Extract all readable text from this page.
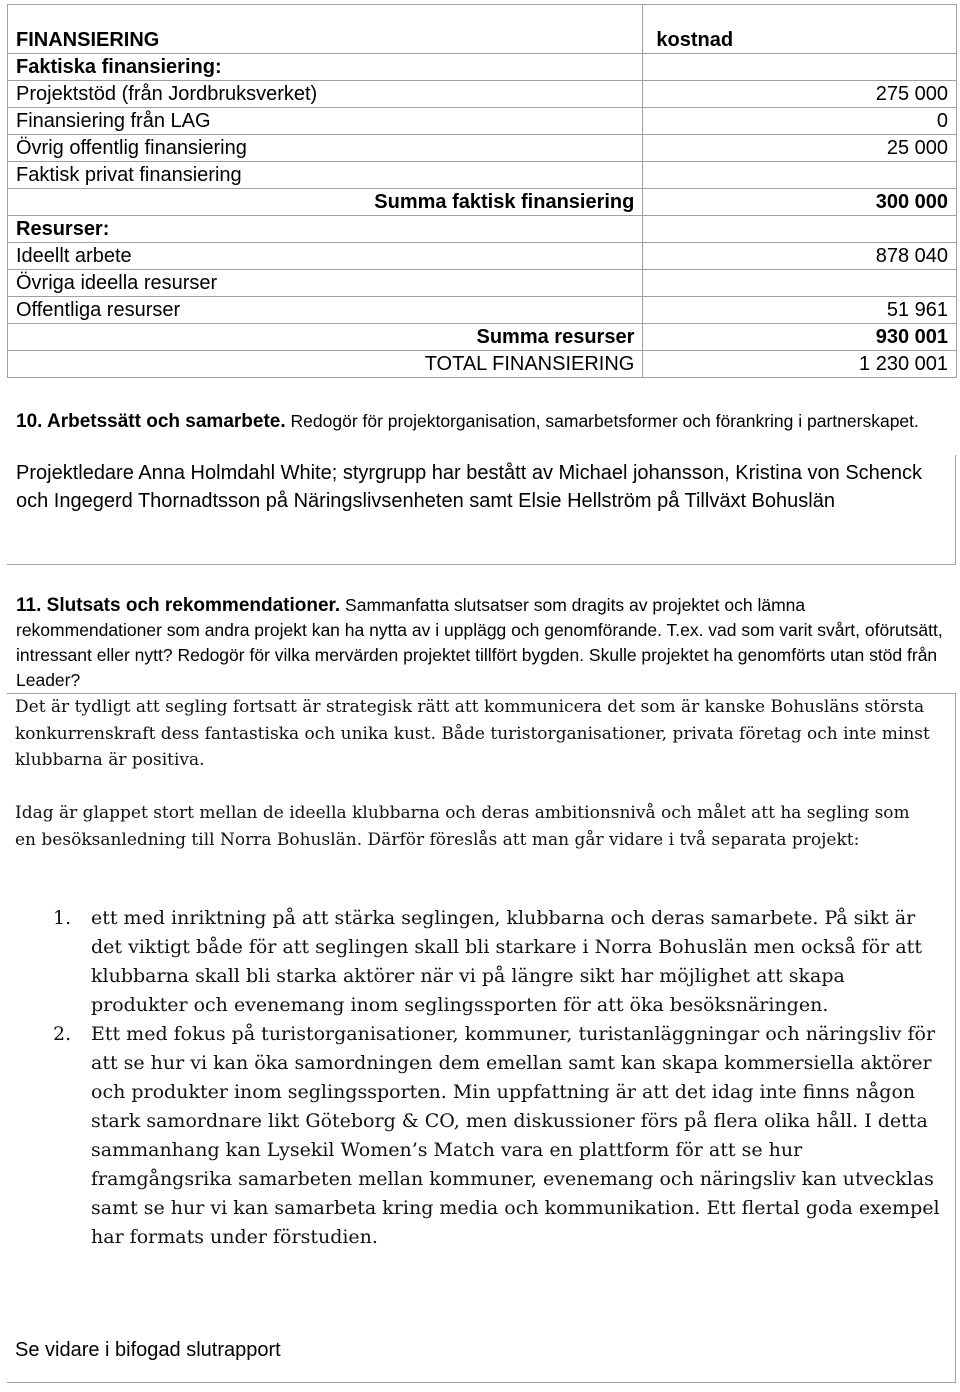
FINANSIERING	kostnad
Faktiska finansiering:	
Projektstöd (från Jordbruksverket)	275 000
Finansiering från LAG	0
Övrig offentlig finansiering	25 000
Faktisk privat finansiering	
Summa faktisk finansiering	300 000
Resurser:	
Ideellt arbete	878 040
Övriga ideella resurser	
Offentliga resurser	51 961
Summa resurser	930 001
TOTAL FINANSIERING	1 230 001
10. Arbetssätt och samarbete. Redogör för projektorganisation, samarbetsformer och förankring i partnerskapet.
Projektledare Anna Holmdahl White; styrgrupp har bestått av Michael johansson, Kristina von Schenck och Ingegerd Thornadtsson på Näringslivsenheten samt Elsie Hellström på Tillväxt Bohuslän
11. Slutsats och rekommendationer. Sammanfatta slutsatser som dragits av projektet och lämna rekommendationer som andra projekt kan ha nytta av i upplägg och genomförande. T.ex. vad som varit svårt, oförutsätt, intressant eller nytt? Redogör för vilka mervärden projektet tillfört bygden. Skulle projektet ha genomförts utan stöd från Leader?
Det är tydligt att segling fortsatt är strategisk rätt att kommunicera det som är kanske Bohusläns största konkurrenskraft dess fantastiska och unika kust. Både turistorganisationer, privata företag och inte minst klubbarna är positiva.
Idag är glappet stort mellan de ideella klubbarna och deras ambitionsnivå och målet att ha segling som en besöksanledning till Norra Bohuslän. Därför föreslås att man går vidare i två separata projekt:
1. ett med inriktning på att stärka seglingen, klubbarna och deras samarbete. På sikt är det viktigt både för att seglingen skall bli starkare i Norra Bohuslän men också för att klubbarna skall bli starka aktörer när vi på längre sikt har möjlighet att skapa produkter och evenemang inom seglingssporten för att öka besöksnäringen.
2. Ett med fokus på turistorganisationer, kommuner, turistanläggningar och näringsliv för att se hur vi kan öka samordningen dem emellan samt kan skapa kommersiella aktörer och produkter inom seglingssporten. Min uppfattning är att det idag inte finns någon stark samordnare likt Göteborg & CO, men diskussioner förs på flera olika håll. I detta sammanhang kan Lysekil Women’s Match vara en plattform för att se hur framgångsrika samarbeten mellan kommuner, evenemang och näringsliv kan utvecklas samt se hur vi kan samarbeta kring media och kommunikation. Ett flertal goda exempel har formats under förstudien.
Se vidare i bifogad slutrapport
